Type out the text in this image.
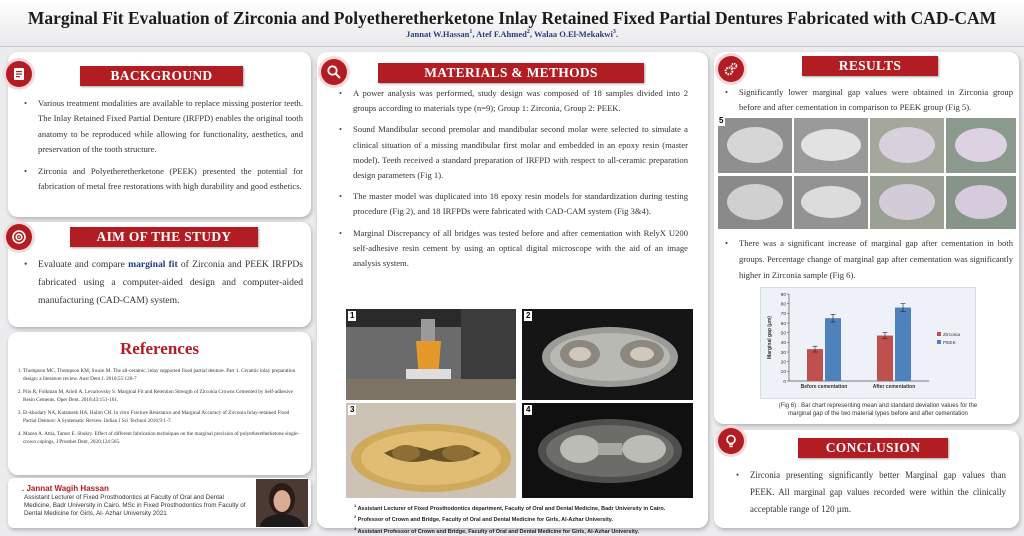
Marginal Fit Evaluation of Zirconia and Polyetheretherketone Inlay Retained Fixed Partial Dentures Fabricated with CAD-CAM
Jannat W.Hassan$^1$, Atef F.Ahmed$^2$, Walaa O.El-Mekakwi$^3$.
BACKGROUND
• Various treatment modalities are available to replace missing posterior teeth. The Inlay Retained Fixed Partial Denture (IRFPD) enables the original tooth anatomy to be reproduced while allowing for functionality, aesthetics, and preservation of the tooth structure.
• Zirconia and Polyetheretherketone (PEEK) presented the potential for fabrication of metal free restorations with high durability and good esthetics.
AIM OF THE STUDY
• Evaluate and compare marginal fit of Zirconia and PEEK IRFPDs fabricated using a computer-aided design and computer-aided manufacturing (CAD-CAM) system.
References
1. Thompson MC, Thompson KM, Swain M. The all-ceramic, inlay supported fixed partial denture. Part 1. Ceramic inlay preparation design: a literature review. Aust Dent J. 2010;55:120-7
2. Pilo R, Folkman M, Arieli A, Levartovsky S. Marginal Fit and Retention Strength of Zirconia Crowns Cemented by Self-adhesive Resin Cements. Oper Dent. 2018;43:151-161.
3. El-khodary NA, Katamesh HA, Halim CH. In vitro Fracture Resistance and Marginal Accuracy of Zirconia Inlay-retained Fixed Partial Denture: A Systematic Review. Indian J Sci Technol 2016;9:1-7.
4. Mazen A. Attia, Tamer E. Shokry. Effect of different fabrication techniques on the marginal precision of polyetheretherketone single-crown copings, J Prosthet Dent, 2020;124:565.
. Jannat Wagih Hassan
Assistant Lecturer of Fixed Prosthodontics at Faculty of Oral and Dental Medicine, Badr University in Cairo. MSc in Fixed Prosthodontics from Faculty of Dental Medicine for Girls, Al- Azhar University 2021
MATERIALS & METHODS
• A power analysis was performed, study design was composed of 18 samples divided into 2 groups according to materials type (n=9); Group 1: Zirconia, Group 2: PEEK.
• Sound Mandibular second premolar and mandibular second molar were selected to simulate a clinical situation of a missing mandibular first molar and embedded in an epoxy resin (master model). Teeth received a standard preparation of IRFPD with respect to all-ceramic preparation design parameters (Fig 1).
• The master model was duplicated into 18 epoxy resin models for standardization during testing procedure (Fig 2), and 18 IRFPDs were fabricated with CAD-CAM system (Fig 3&4).
• Marginal Discrepancy of all bridges was tested before and after cementation with RelyX U200 self-adhesive resin cement by using an optical digital microscope with the aid of an image analysis system.
1	2
3	4
$^1$ Assistant Lecturer of Fixed Prosthodontics department, Faculty of Oral and Dental Medicine, Badr University in Cairo.
$^2$ Professor of Crown and Bridge, Faculty of Oral and Dental Medicine for Girls, Al-Azhar University.
$^3$ Assistant Professor of Crown and Bridge, Faculty of Oral and Dental Medicine for Girls, Al-Azhar University.
RESULTS
• Significantly lower marginal gap values were obtained in Zirconia group before and after cementation in comparison to PEEK group (Fig 5).
5
• There was a significant increase of marginal gap after cementation in both groups. Percentage change of marginal gap after cementation was significantly higher in Zirconia sample (Fig 6).
0
10
20
30
40
50
60
70
80
90
Marginal gap (µm)
Before cementation	After cementation
Zirconia
PEEK
(Fig 6) : Bar chart representing mean and standard deviation values for the marginal gap of the two material types before and after cementation
CONCLUSION
• Zirconia presenting significantly better Marginal gap values than PEEK. All marginal gap values recorded were within the clinically acceptable range of 120 µm.
